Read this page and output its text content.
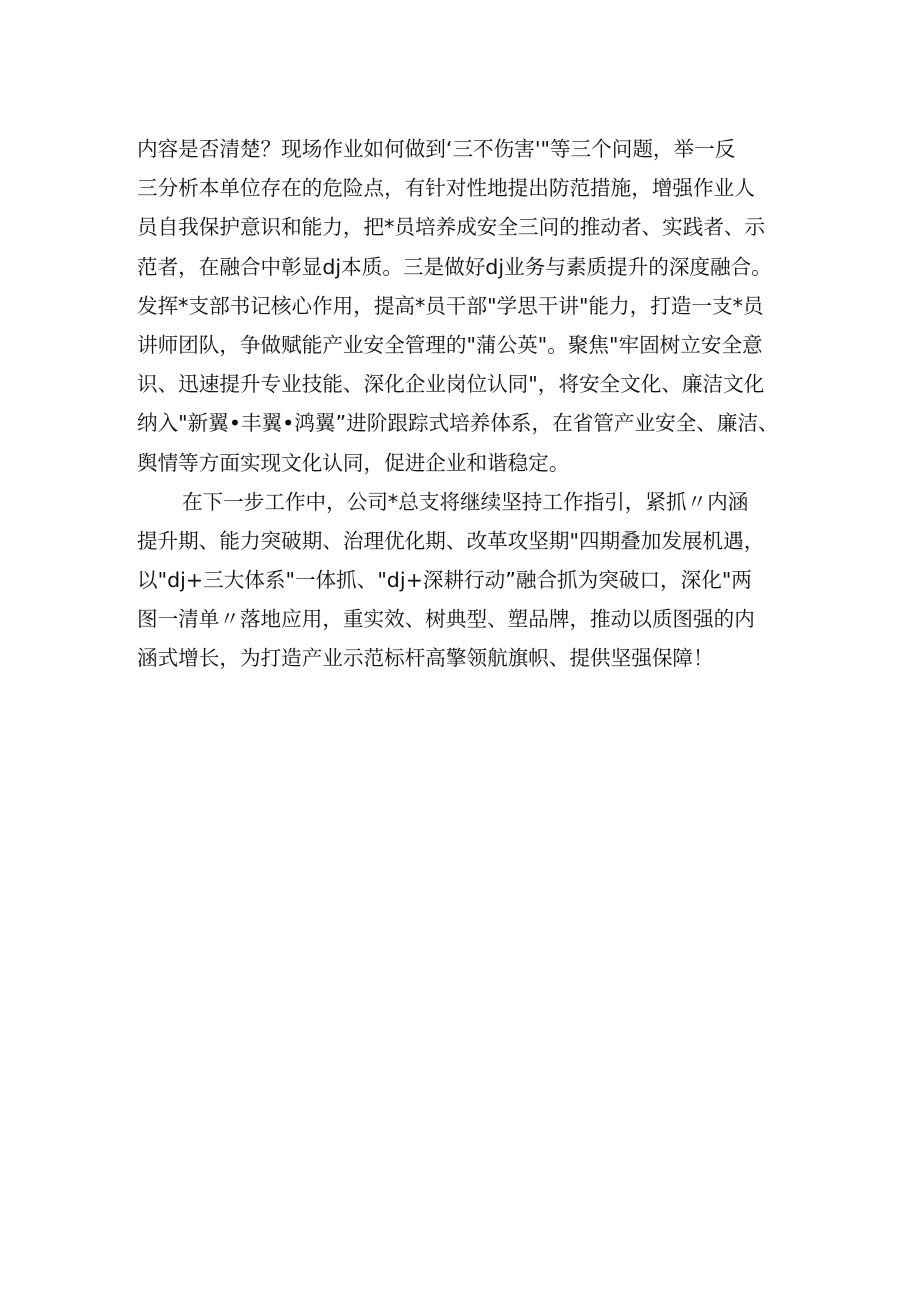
内容是否清楚？现场作业如何做到‘三不伤害'"等三个问题，举一反
三分析本单位存在的危险点，有针对性地提出防范措施，增强作业人
员自我保护意识和能力，把*员培养成安全三问的推动者、实践者、示
范者，在融合中彰显dj本质。三是做好dj业务与素质提升的深度融合。
发挥*支部书记核心作用，提高*员干部"学思干讲"能力，打造一支*员
讲师团队，争做赋能产业安全管理的"蒲公英"。聚焦"牢固树立安全意
识、迅速提升专业技能、深化企业岗位认同"，将安全文化、廉洁文化
纳入"新翼•丰翼•鸿翼”进阶跟踪式培养体系，在省管产业安全、廉洁、
舆情等方面实现文化认同，促进企业和谐稳定。
在下一步工作中，公司*总支将继续坚持工作指引，紧抓〃内涵
提升期、能力突破期、治理优化期、改革攻坚期"四期叠加发展机遇，
以"dj+三大体系"一体抓、"dj+深耕行动”融合抓为突破口，深化"两
图一清单〃落地应用，重实效、树典型、塑品牌，推动以质图强的内
涵式增长，为打造产业示范标杆高擎领航旗帜、提供坚强保障！
